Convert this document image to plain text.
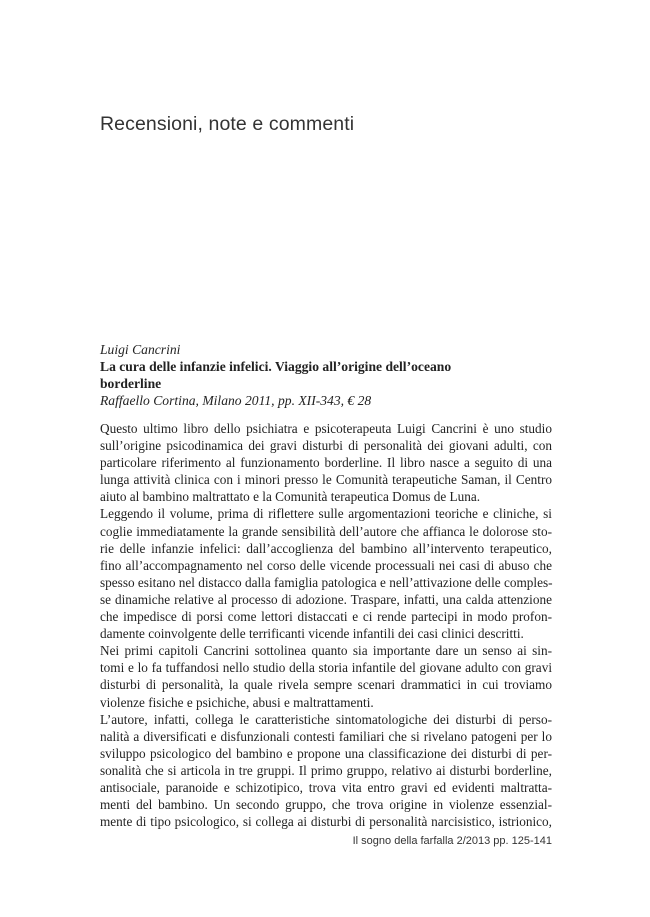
Recensioni, note e commenti
Luigi Cancrini
La cura delle infanzie infelici. Viaggio all’origine dell’oceano
borderline
Raffaello Cortina, Milano 2011, pp. XII-343, € 28
Questo ultimo libro dello psichiatra e psicoterapeuta Luigi Cancrini è uno studio
sull’origine psicodinamica dei gravi disturbi di personalità dei giovani adulti, con
particolare riferimento al funzionamento borderline. Il libro nasce a seguito di una
lunga attività clinica con i minori presso le Comunità terapeutiche Saman, il Centro
aiuto al bambino maltrattato e la Comunità terapeutica Domus de Luna.
Leggendo il volume, prima di riflettere sulle argomentazioni teoriche e cliniche, si
coglie immediatamente la grande sensibilità dell’autore che affianca le dolorose sto-
rie delle infanzie infelici: dall’accoglienza del bambino all’intervento terapeutico,
fino all’accompagnamento nel corso delle vicende processuali nei casi di abuso che
spesso esitano nel distacco dalla famiglia patologica e nell’attivazione delle comples-
se dinamiche relative al processo di adozione. Traspare, infatti, una calda attenzione
che impedisce di porsi come lettori distaccati e ci rende partecipi in modo profon-
damente coinvolgente delle terrificanti vicende infantili dei casi clinici descritti.
Nei primi capitoli Cancrini sottolinea quanto sia importante dare un senso ai sin-
tomi e lo fa tuffandosi nello studio della storia infantile del giovane adulto con gravi
disturbi di personalità, la quale rivela sempre scenari drammatici in cui troviamo
violenze fisiche e psichiche, abusi e maltrattamenti.
L’autore, infatti, collega le caratteristiche sintomatologiche dei disturbi di perso-
nalità a diversificati e disfunzionali contesti familiari che si rivelano patogeni per lo
sviluppo psicologico del bambino e propone una classificazione dei disturbi di per-
sonalità che si articola in tre gruppi. Il primo gruppo, relativo ai disturbi borderline,
antisociale, paranoide e schizotipico, trova vita entro gravi ed evidenti maltratta-
menti del bambino. Un secondo gruppo, che trova origine in violenze essenzial-
mente di tipo psicologico, si collega ai disturbi di personalità narcisistico, istrionico,
Il sogno della farfalla 2/2013 pp. 125-141
